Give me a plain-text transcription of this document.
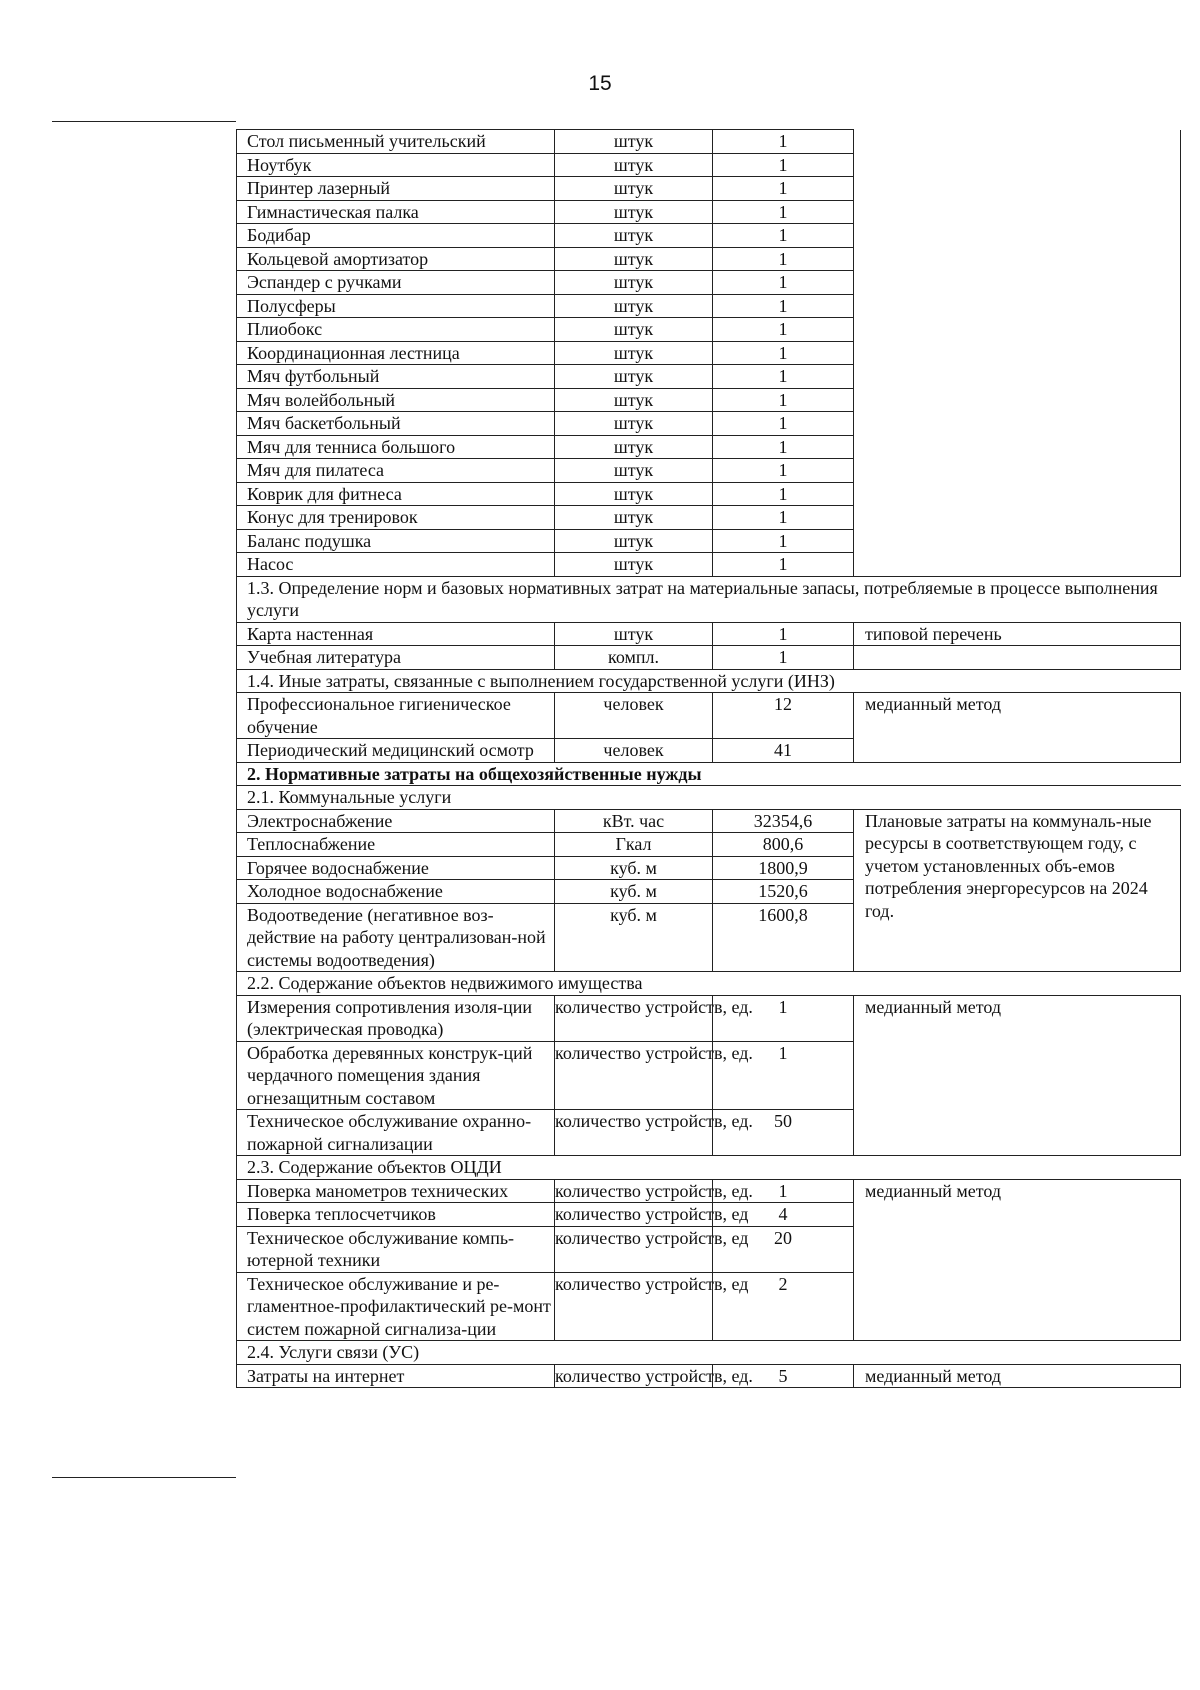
15
Стол письменный учительский	штук	1	
Ноутбук	штук	1	
Принтер лазерный	штук	1	
Гимнастическая палка	штук	1	
Бодибар	штук	1	
Кольцевой амортизатор	штук	1	
Эспандер с ручками	штук	1	
Полусферы	штук	1	
Плиобокс	штук	1	
Координационная лестница	штук	1	
Мяч футбольный	штук	1	
Мяч волейбольный	штук	1	
Мяч баскетбольный	штук	1	
Мяч для тенниса большого	штук	1	
Мяч для пилатеса	штук	1	
Коврик для фитнеса	штук	1	
Конус для тренировок	штук	1	
Баланс подушка	штук	1	
Насос	штук	1	
1.3. Определение норм и базовых нормативных затрат на материальные запасы, потребляемые в процессе выполнения услуги			
Карта настенная	штук	1	типовой перечень
Учебная литература	компл.	1	
1.4. Иные затраты, связанные с выполнением государственной услуги (ИНЗ)			
Профессиональное гигиеническое обучение	человек	12	медианный метод
Периодический медицинский осмотр	человек	41	
2. Нормативные затраты на общехозяйственные нужды			
2.1. Коммунальные услуги			
Электроснабжение	кВт. час	32354,6	Плановые затраты на коммуналь-ные ресурсы в соответствующем году, с учетом установленных объ-емов потребления энергоресурсов на 2024 год.
Теплоснабжение	Гкал	800,6	
Горячее водоснабжение	куб. м	1800,9	
Холодное водоснабжение	куб. м	1520,6	
Водоотведение (негативное воз-действие на работу централизован-ной системы водоотведения)	куб. м	1600,8	
2.2. Содержание объектов недвижимого имущества			
Измерения сопротивления изоля-ции (электрическая проводка)	количество устройств, ед.	1	медианный метод
Обработка деревянных конструк-ций чердачного помещения здания огнезащитным составом	количество устройств, ед.	1	
Техническое обслуживание охранно-пожарной сигнализации	количество устройств, ед.	50	
2.3. Содержание объектов ОЦДИ			
Поверка манометров технических	количество устройств, ед.	1	медианный метод
Поверка теплосчетчиков	количество устройств, ед	4	
Техническое обслуживание компь-ютерной техники	количество устройств, ед	20	
Техническое обслуживание и ре-гламентное-профилактический ре-монт систем пожарной сигнализа-ции	количество устройств, ед	2	
2.4. Услуги связи (УС)			
Затраты на интернет	количество устройств, ед.	5	медианный метод
